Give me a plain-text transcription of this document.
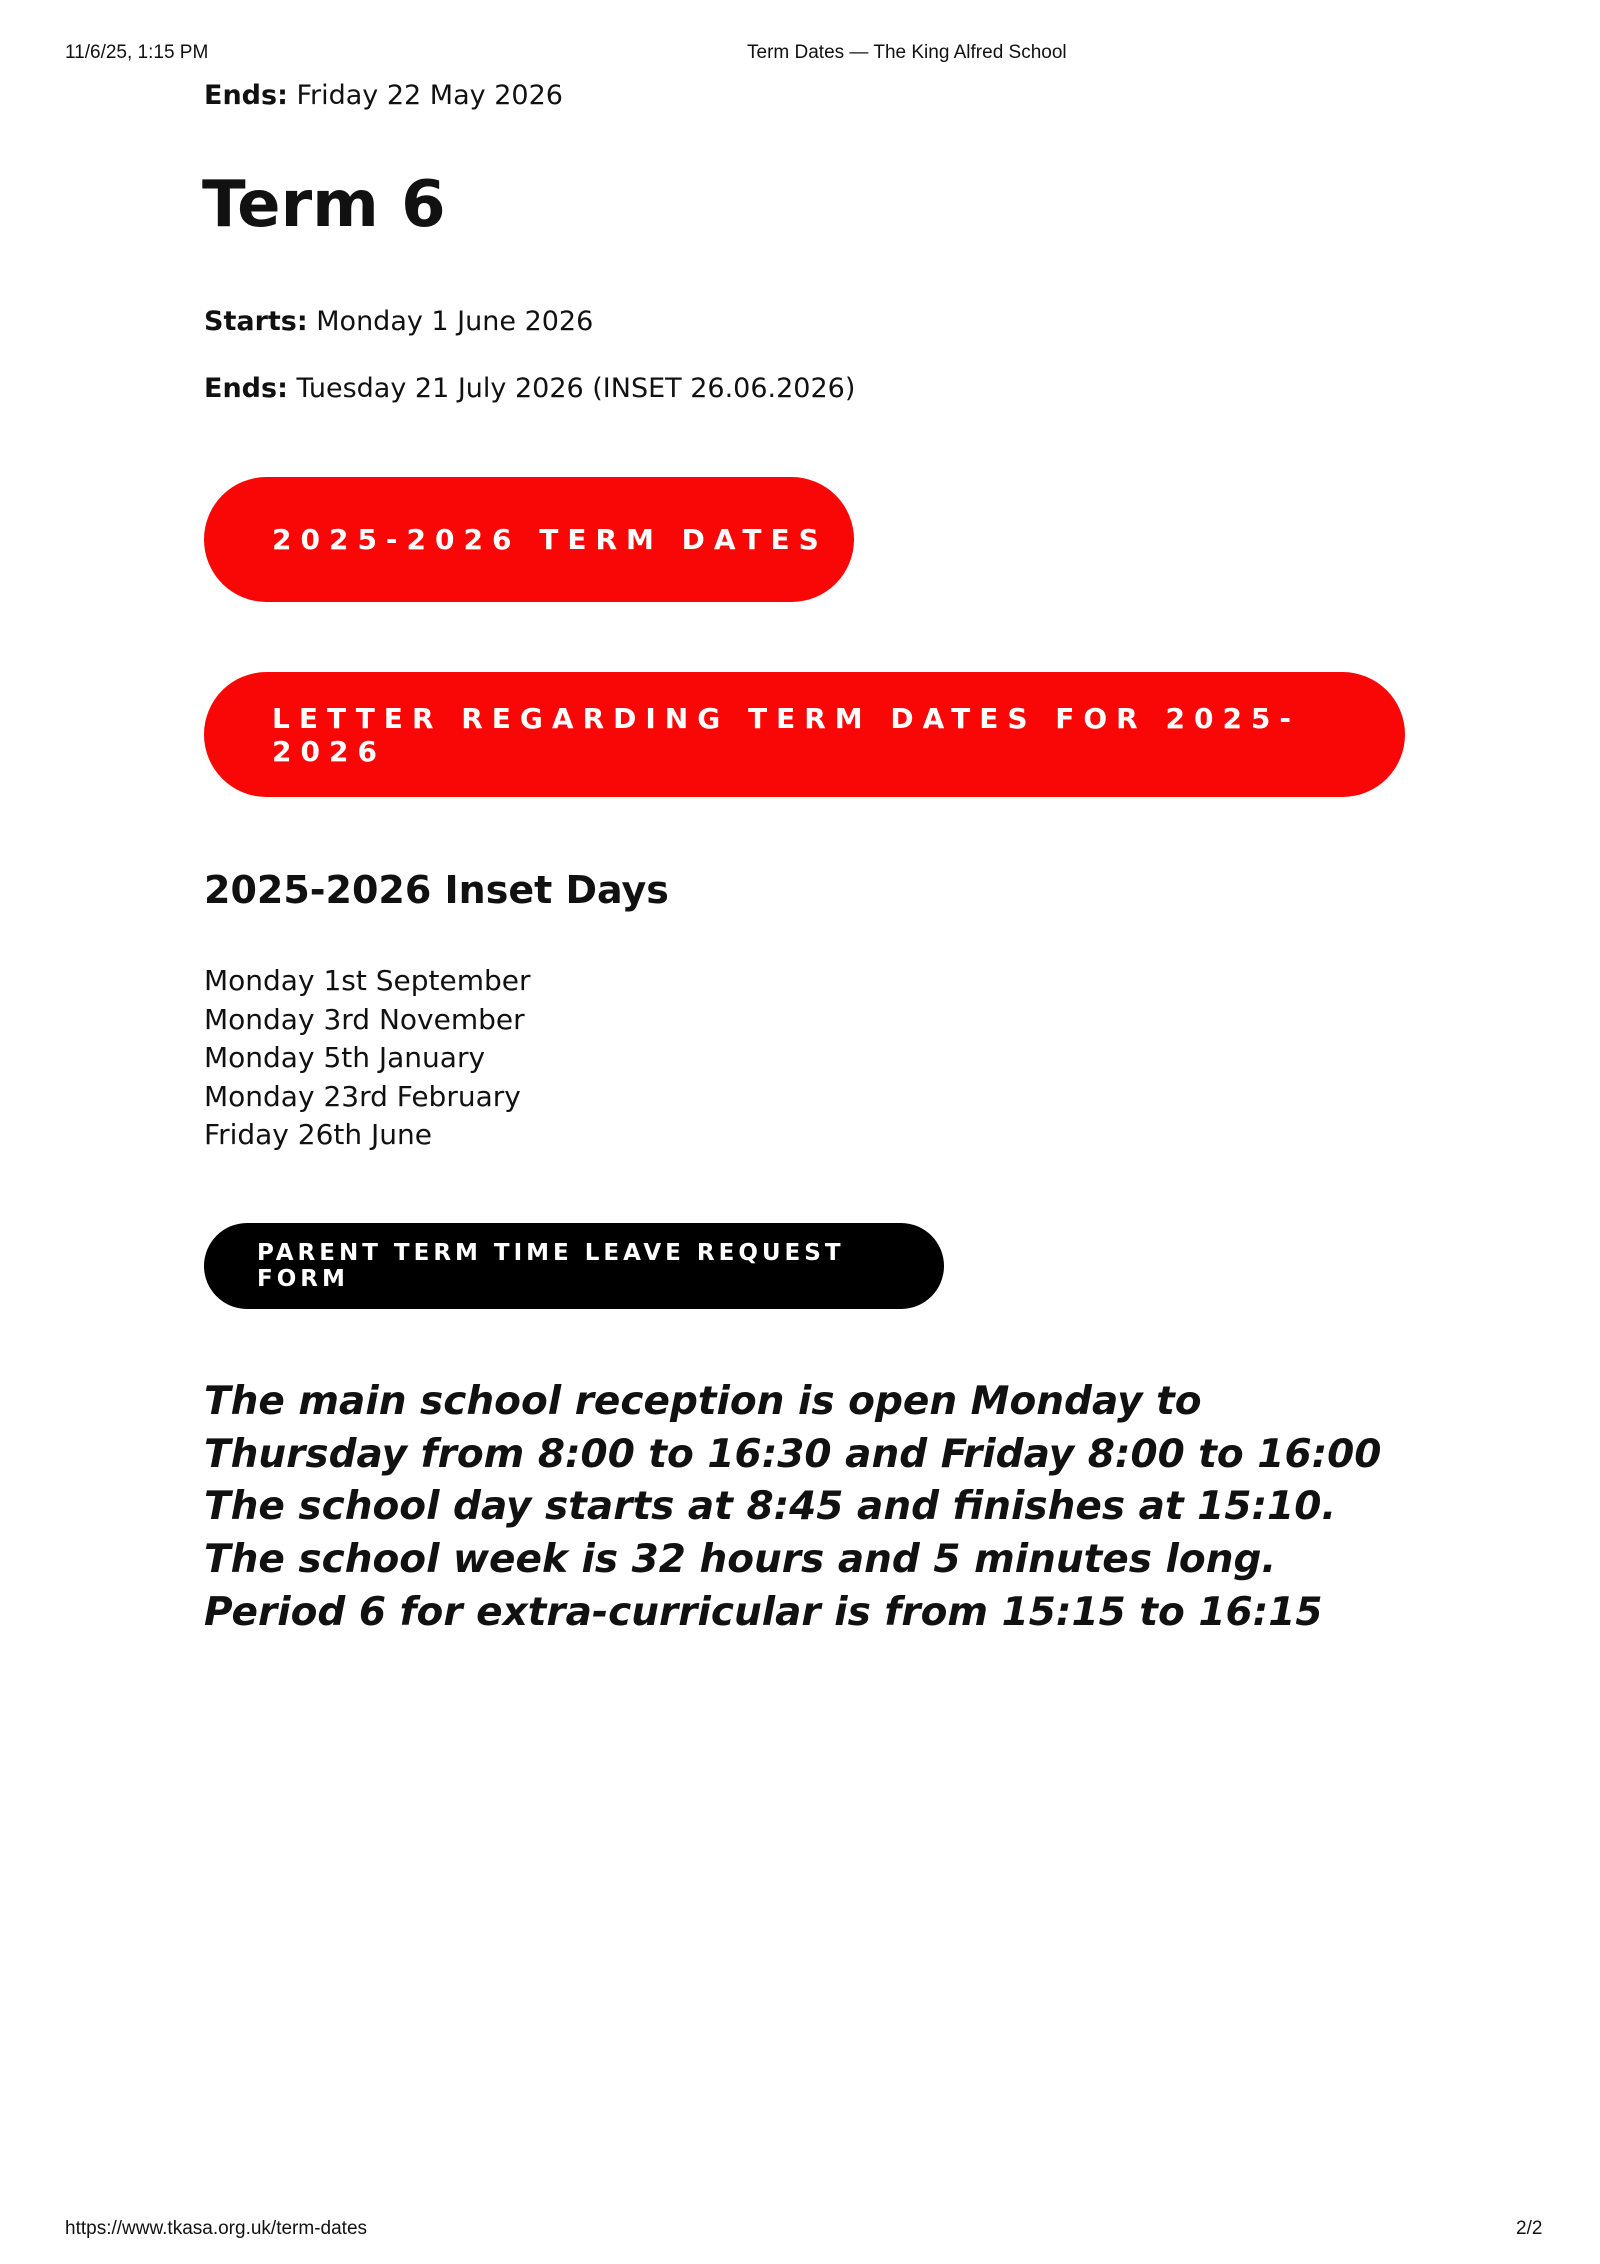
11/6/25, 1:15 PM	Term Dates — The King Alfred School
Ends: Friday 22 May 2026
Term 6
Starts: Monday 1 June 2026
Ends: Tuesday 21 July 2026 (INSET 26.06.2026)
2025-2026 TERM DATES
LETTER REGARDING TERM DATES FOR 2025-2026
2025-2026 Inset Days
Monday 1st September
Monday 3rd November
Monday 5th January
Monday 23rd February
Friday 26th June
PARENT TERM TIME LEAVE REQUEST FORM
The main school reception is open Monday to Thursday from 8:00 to 16:30 and Friday 8:00 to 16:00
The school day starts at 8:45 and finishes at 15:10. The school week is 32 hours and 5 minutes long.
Period 6 for extra-curricular is from 15:15 to 16:15
https://www.tkasa.org.uk/term-dates	2/2
